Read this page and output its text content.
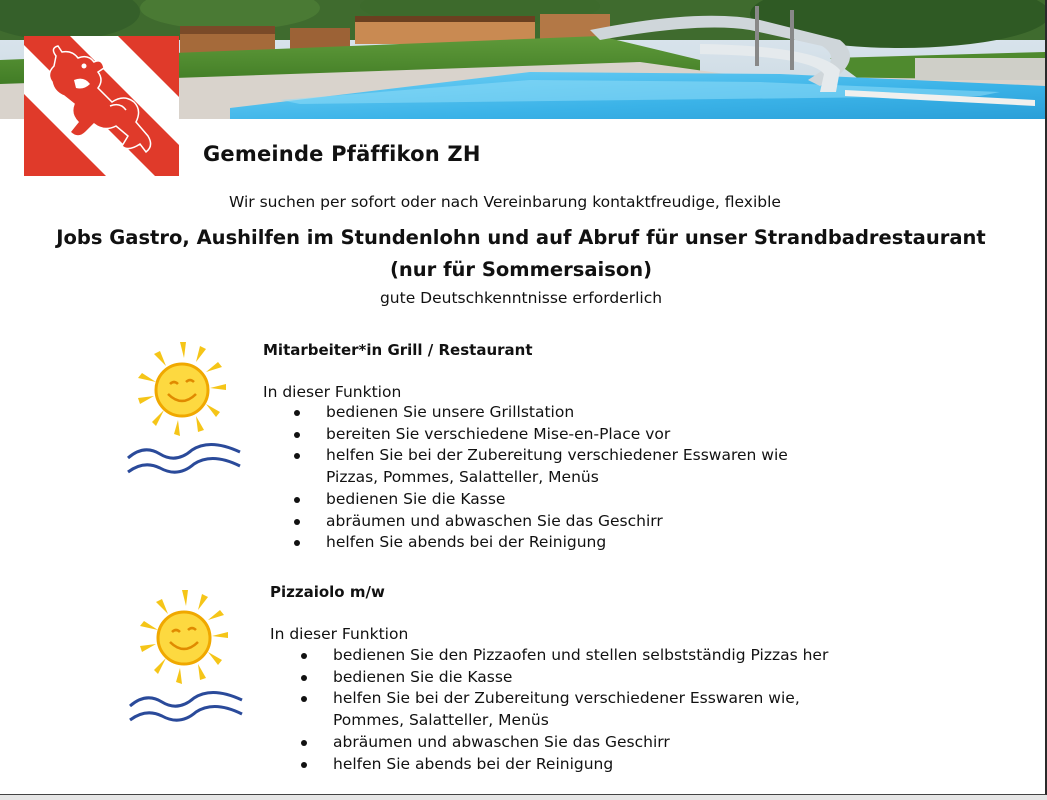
Gemeinde Pfäffikon ZH

Wir suchen per sofort oder nach Vereinbarung kontaktfreudige, flexible

Jobs Gastro, Aushilfen im Stundenlohn und auf Abruf für unser Strandbadrestaurant
(nur für Sommersaison)

gute Deutschkenntnisse erforderlich

Mitarbeiter*in Grill / Restaurant

In dieser Funktion

bedienen Sie unsere Grillstation
bereiten Sie verschiedene Mise-en-Place vor
helfen Sie bei der Zubereitung verschiedener Esswaren wie
Pizzas, Pommes, Salatteller, Menüs
bedienen Sie die Kasse
abräumen und abwaschen Sie das Geschirr
helfen Sie abends bei der Reinigung

Pizzaiolo m/w

In dieser Funktion

bedienen Sie den Pizzaofen und stellen selbstständig Pizzas her
bedienen Sie die Kasse
helfen Sie bei der Zubereitung verschiedener Esswaren wie,
Pommes, Salatteller, Menüs
abräumen und abwaschen Sie das Geschirr
helfen Sie abends bei der Reinigung
